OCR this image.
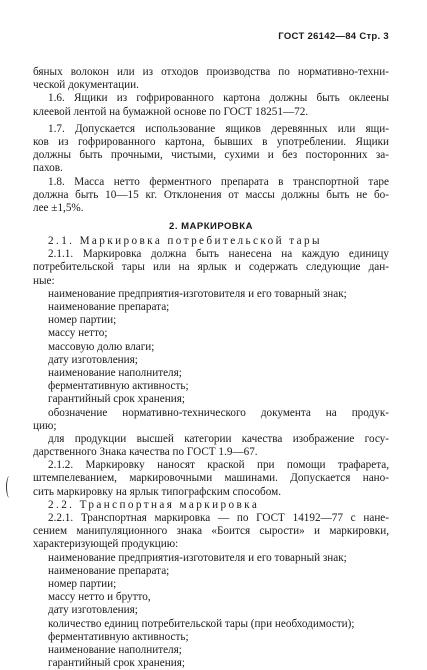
ГОСТ 26142—84 Стр. 3
бяных волокон или из отходов производства по нормативно-техни-
ческой документации.
1.6. Ящики из гофрированного картона должны быть оклеены
клеевой лентой на бумажной основе по ГОСТ 18251—72.
1.7. Допускается использование ящиков деревянных или ящи-
ков из гофрированного картона, бывших в употреблении. Ящики
должны быть прочными, чистыми, сухими и без посторонних за-
пахов.
1.8. Масса нетто ферментного препарата в транспортной таре
должна быть 10—15 кг. Отклонения от массы должны быть не бо-
лее ±1,5%.
2. МАРКИРОВКА
2.1. Маркировка потребительской тары
2.1.1. Маркировка должна быть нанесена на каждую единицу
потребительской тары или на ярлык и содержать следующие дан-
ные:
наименование предприятия-изготовителя и его товарный знак;
наименование препарата;
номер партии;
массу нетто;
массовую долю влаги;
дату изготовления;
наименование наполнителя;
ферментативную активность;
гарантийный срок хранения;
обозначение нормативно-технического документа на продук-
цию;
для продукции высшей категории качества изображение госу-
дарственного Знака качества по ГОСТ 1.9—67.
2.1.2. Маркировку наносят краской при помощи трафарета,
штемпелеванием, маркировочными машинами. Допускается нано-
сить маркировку на ярлык типографским способом.
2.2. Транспортная маркировка
2.2.1. Транспортная маркировка — по ГОСТ 14192—77 с нане-
сением манипуляционного знака «Боится сырости» и маркировки,
характеризующей продукцию:
наименование предприятия-изготовителя и его товарный знак;
наименование препарата;
номер партии;
массу нетто и брутто,
дату изготовления;
количество единиц потребительской тары (при необходимости);
ферментативную активность;
наименование наполнителя;
гарантийный срок хранения;
